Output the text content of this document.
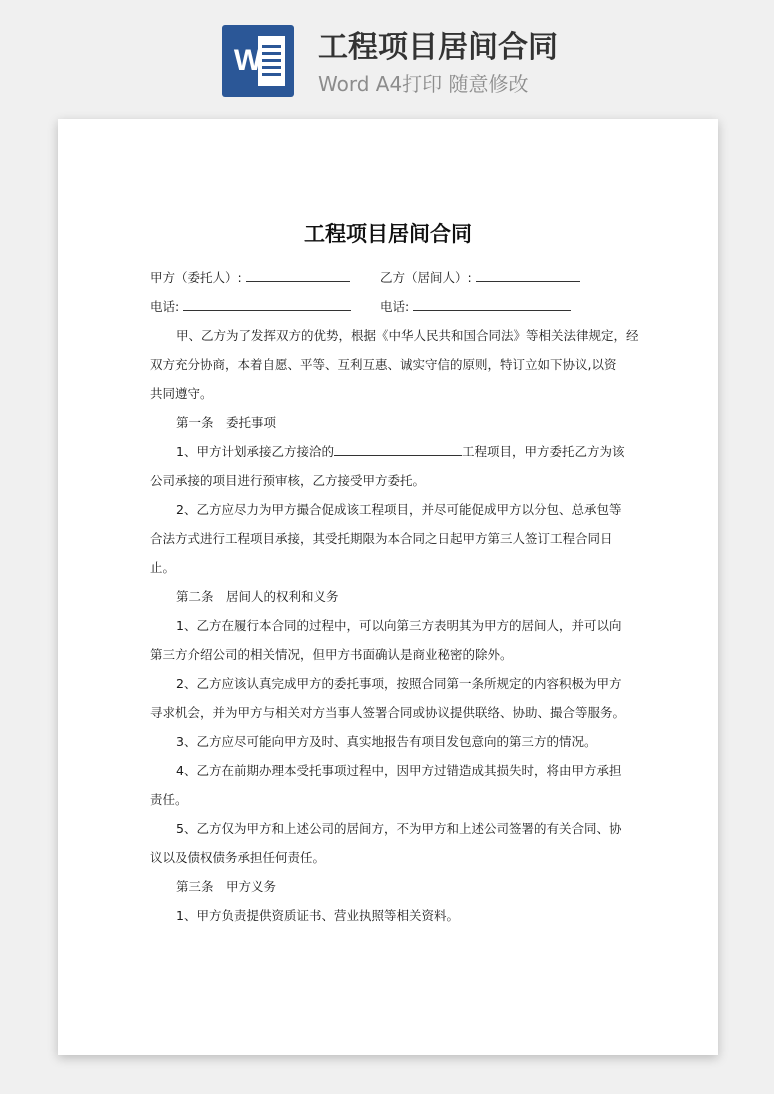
W 工程项目居间合同
Word A4打印 随意修改
工程项目居间合同
甲方（委托人）:	乙方（居间人）:
电话:	电话:
甲、乙方为了发挥双方的优势，根据《中华人民共和国合同法》等相关法律规定，经
双方充分协商，本着自愿、平等、互利互惠、诚实守信的原则，特订立如下协议,以资
共同遵守。
第一条　委托事项
1、甲方计划承接乙方接洽的	工程项目，甲方委托乙方为该
公司承接的项目进行预审核，乙方接受甲方委托。
2、乙方应尽力为甲方撮合促成该工程项目，并尽可能促成甲方以分包、总承包等
合法方式进行工程项目承接，其受托期限为本合同之日起甲方第三人签订工程合同日
止。
第二条　居间人的权利和义务
1、乙方在履行本合同的过程中，可以向第三方表明其为甲方的居间人，并可以向
第三方介绍公司的相关情况，但甲方书面确认是商业秘密的除外。
2、乙方应该认真完成甲方的委托事项，按照合同第一条所规定的内容积极为甲方
寻求机会，并为甲方与相关对方当事人签署合同或协议提供联络、协助、撮合等服务。
3、乙方应尽可能向甲方及时、真实地报告有项目发包意向的第三方的情况。
4、乙方在前期办理本受托事项过程中，因甲方过错造成其损失时，将由甲方承担
责任。
5、乙方仅为甲方和上述公司的居间方，不为甲方和上述公司签署的有关合同、协
议以及债权债务承担任何责任。
第三条　甲方义务
1、甲方负责提供资质证书、营业执照等相关资料。
